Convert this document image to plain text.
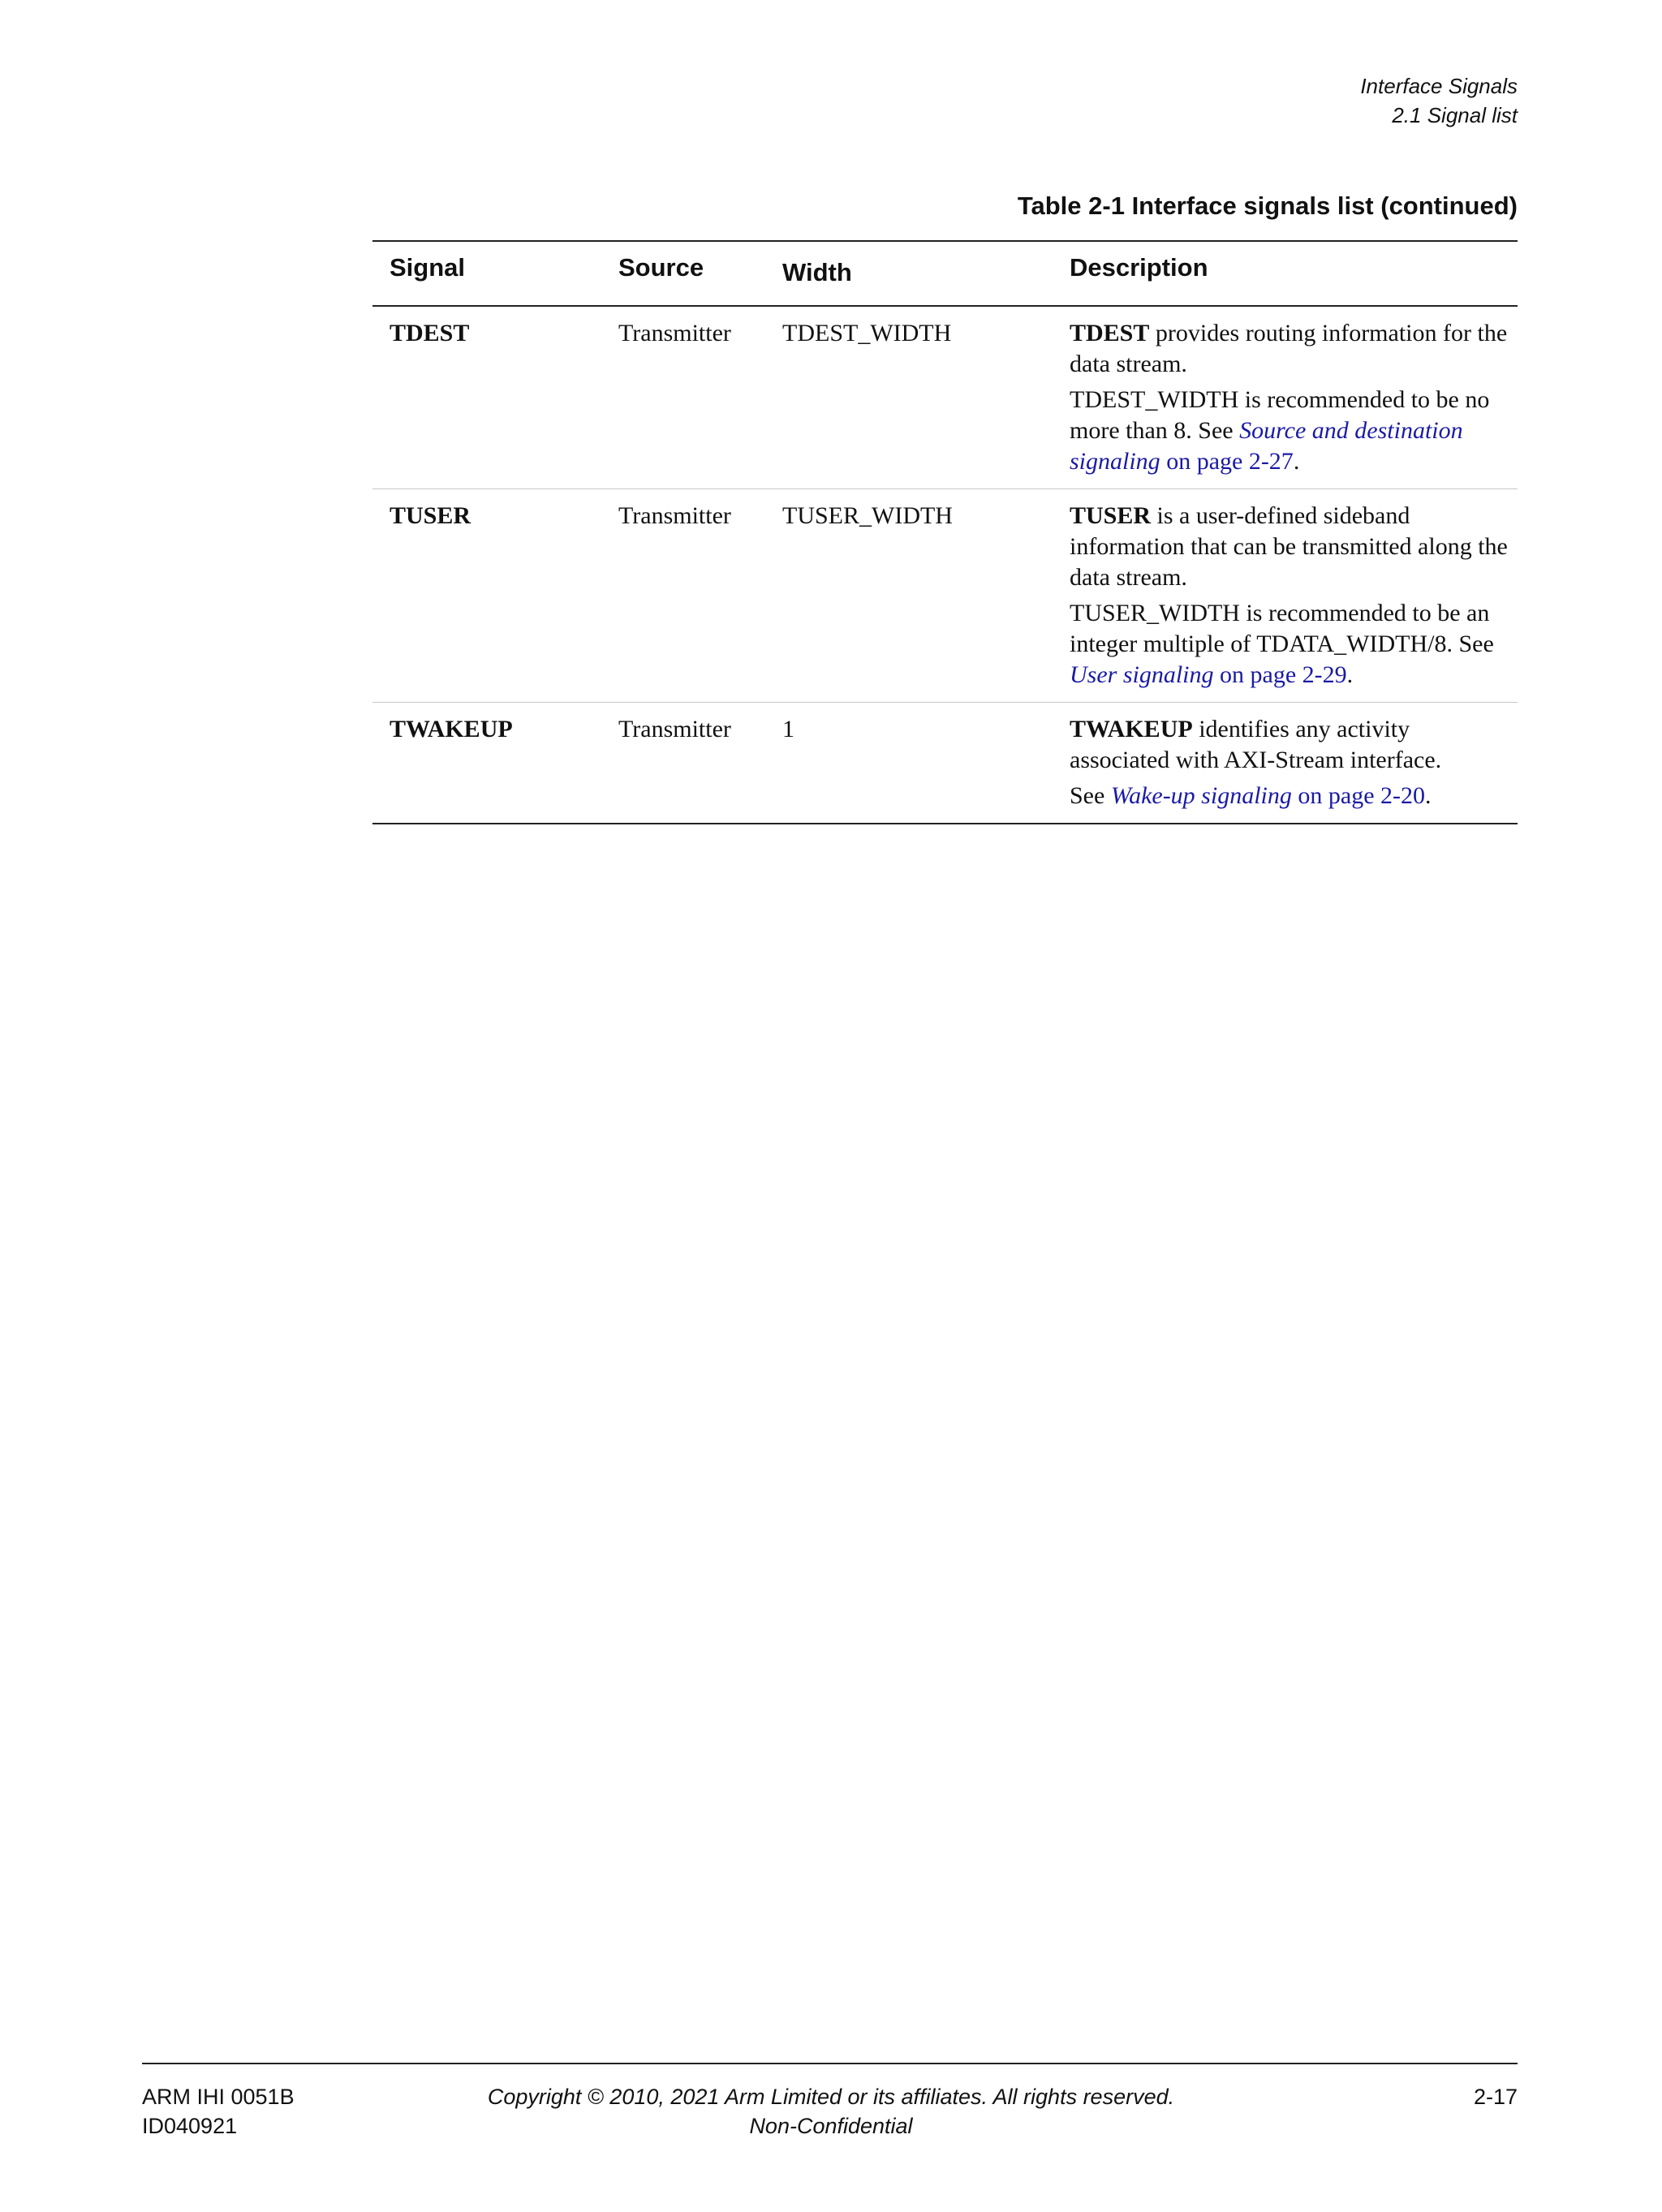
Interface Signals
2.1 Signal list
Table 2-1 Interface signals list (continued)
Signal	Source	Width	Description
TDEST	Transmitter TDEST_WIDTH	TDEST provides routing information for the data stream.

TDEST_WIDTH is recommended to be no more than 8. See Source and destination signaling on page 2-27.

TUSER	Transmitter TUSER_WIDTH	TUSER is a user-defined sideband information that can be transmitted along the data stream.

TUSER_WIDTH is recommended to be an integer multiple of TDATA_WIDTH/8. See User signaling on page 2-29.

TWAKEUP	Transmitter 1	TWAKEUP identifies any activity associated with AXI-Stream interface.

See Wake-up signaling on page 2-20.

ARM IHI 0051B
ID040921
Copyright © 2010, 2021 Arm Limited or its affiliates. All rights reserved.
Non-Confidential
2-17
